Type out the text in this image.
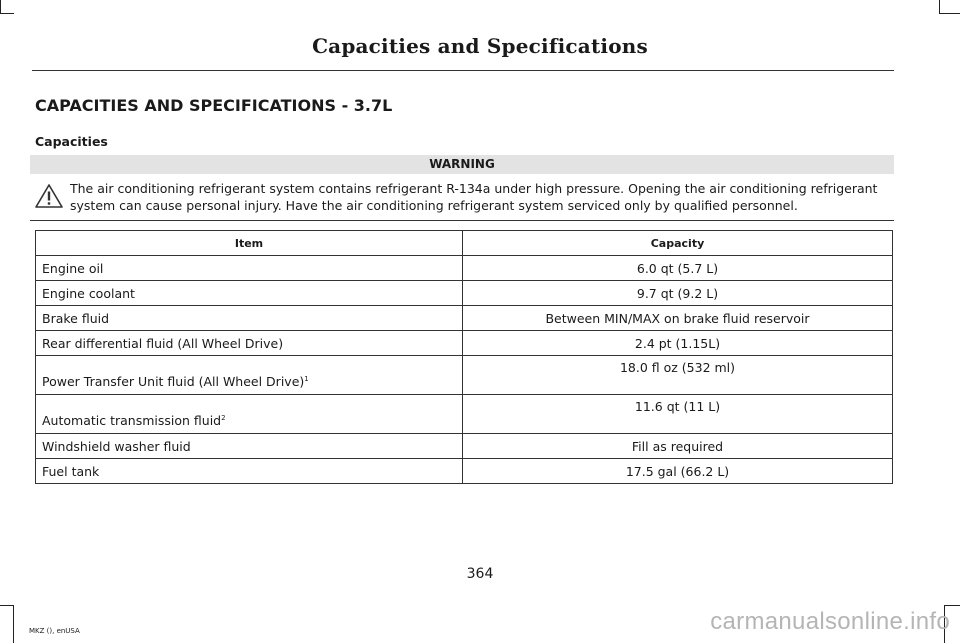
Capacities and Specifications
CAPACITIES AND SPECIFICATIONS - 3.7L
Capacities
WARNING
The air conditioning refrigerant system contains refrigerant R-134a under high pressure. Opening the air conditioning refrigerant system can cause personal injury. Have the air conditioning refrigerant system serviced only by qualified personnel.
Item	Capacity
Engine oil	6.0 qt (5.7 L)
Engine coolant	9.7 qt (9.2 L)
Brake fluid	Between MIN/MAX on brake fluid reservoir
Rear differential fluid (All Wheel Drive)	2.4 pt (1.15L)
Power Transfer Unit fluid (All Wheel Drive)$^1$	18.0 fl oz (532 ml)
Automatic transmission fluid$^2$	11.6 qt (11 L)
Windshield washer fluid	Fill as required
Fuel tank	17.5 gal (66.2 L)
364
MKZ (), enUSA	carmanualsonline.info
